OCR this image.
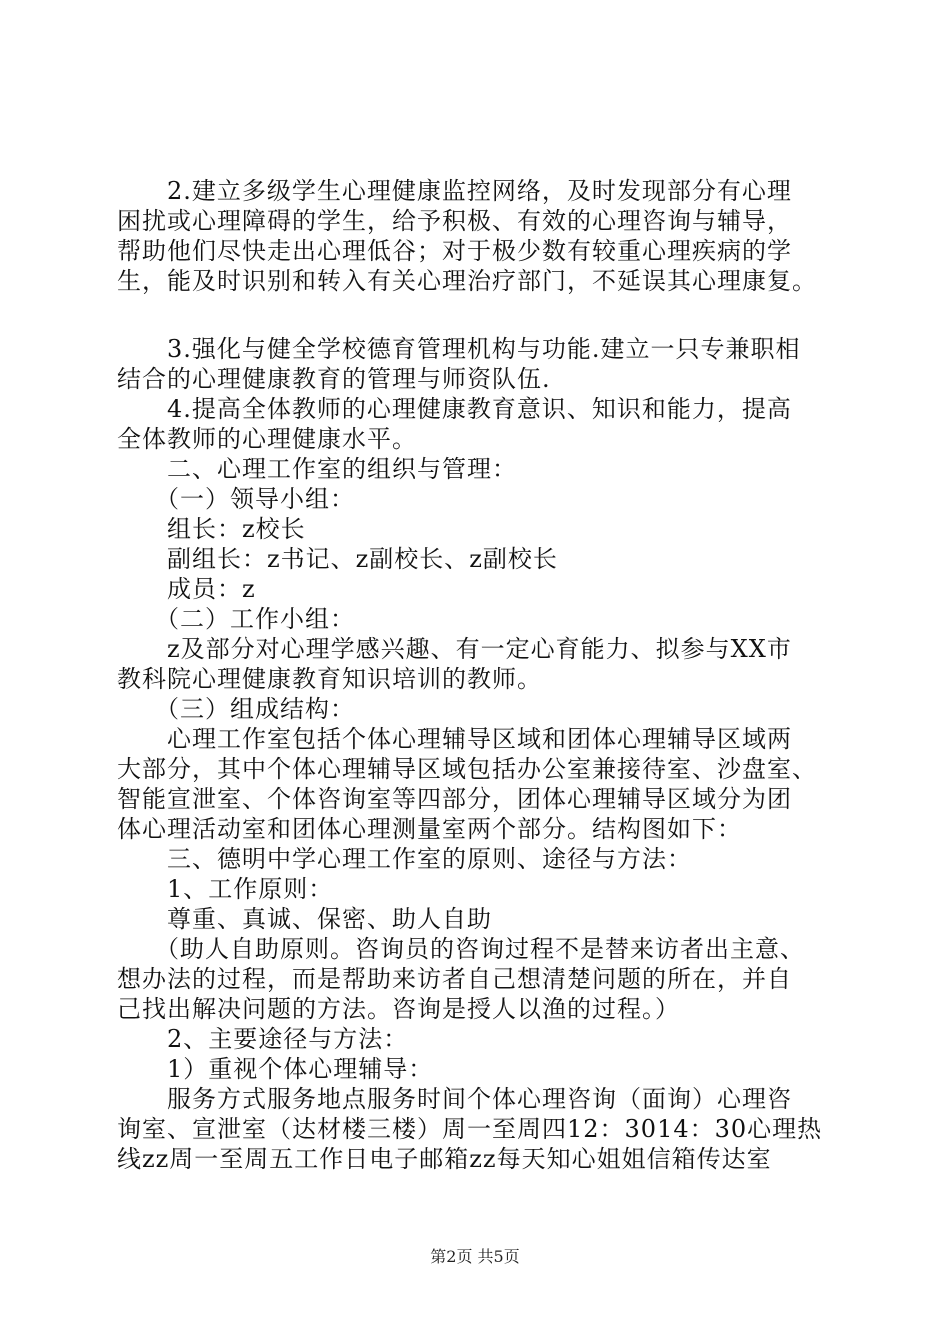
　　2.建立多级学生心理健康监控网络，及时发现部分有心理
困扰或心理障碍的学生，给予积极、有效的心理咨询与辅导，
帮助他们尽快走出心理低谷；对于极少数有较重心理疾病的学
生，能及时识别和转入有关心理治疗部门，不延误其心理康复。
　　3.强化与健全学校德育管理机构与功能.建立一只专兼职相
结合的心理健康教育的管理与师资队伍.
　　4.提高全体教师的心理健康教育意识、知识和能力，提高
全体教师的心理健康水平。
　　二、心理工作室的组织与管理：
　　（一）领导小组：
　　组长：z校长
　　副组长：z书记、z副校长、z副校长
　　成员：z
　　（二）工作小组：
　　z及部分对心理学感兴趣、有一定心育能力、拟参与XX市
教科院心理健康教育知识培训的教师。
　　（三）组成结构：
　　心理工作室包括个体心理辅导区域和团体心理辅导区域两
大部分，其中个体心理辅导区域包括办公室兼接待室、沙盘室、
智能宣泄室、个体咨询室等四部分，团体心理辅导区域分为团
体心理活动室和团体心理测量室两个部分。结构图如下：
　　三、德明中学心理工作室的原则、途径与方法：
　　1、工作原则：
　　尊重、真诚、保密、助人自助
　　（助人自助原则。咨询员的咨询过程不是替来访者出主意、
想办法的过程，而是帮助来访者自己想清楚问题的所在，并自
己找出解决问题的方法。咨询是授人以渔的过程。）
　　2、主要途径与方法：
　　1）重视个体心理辅导：
　　服务方式服务地点服务时间个体心理咨询（面询）心理咨
询室、宣泄室（达材楼三楼）周一至周四12：3014：30心理热
线zz周一至周五工作日电子邮箱zz每天知心姐姐信箱传达室
第2页 共5页
